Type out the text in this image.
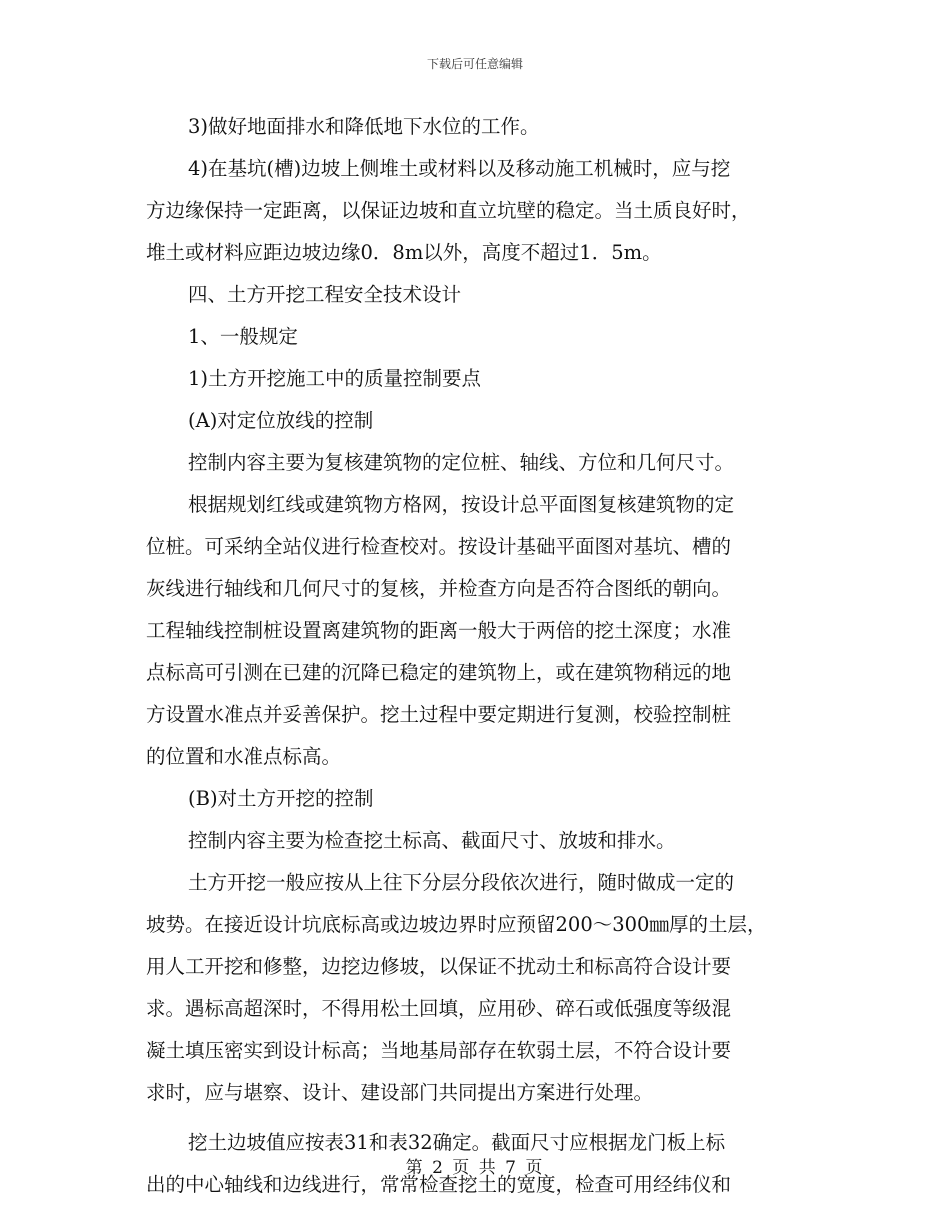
下载后可任意编辑
3)做好地面排水和降低地下水位的工作。
4)在基坑(槽)边坡上侧堆土或材料以及移动施工机械时，应与挖
方边缘保持一定距离，以保证边坡和直立坑壁的稳定。当土质良好时，
堆土或材料应距边坡边缘0．8m以外，高度不超过1．5m。
四、土方开挖工程安全技术设计
1、一般规定
1)土方开挖施工中的质量控制要点
(A)对定位放线的控制
控制内容主要为复核建筑物的定位桩、轴线、方位和几何尺寸。
根据规划红线或建筑物方格网，按设计总平面图复核建筑物的定
位桩。可采纳全站仪进行检查校对。按设计基础平面图对基坑、槽的
灰线进行轴线和几何尺寸的复核，并检查方向是否符合图纸的朝向。
工程轴线控制桩设置离建筑物的距离一般大于两倍的挖土深度；水准
点标高可引测在已建的沉降已稳定的建筑物上，或在建筑物稍远的地
方设置水准点并妥善保护。挖土过程中要定期进行复测，校验控制桩
的位置和水准点标高。
(B)对土方开挖的控制
控制内容主要为检查挖土标高、截面尺寸、放坡和排水。
土方开挖一般应按从上往下分层分段依次进行，随时做成一定的
坡势。在接近设计坑底标高或边坡边界时应预留200～300㎜厚的土层，
用人工开挖和修整，边挖边修坡，以保证不扰动土和标高符合设计要
求。遇标高超深时，不得用松土回填，应用砂、碎石或低强度等级混
凝土填压密实到设计标高；当地基局部存在软弱土层，不符合设计要
求时，应与堪察、设计、建设部门共同提出方案进行处理。
挖土边坡值应按表31和表32确定。截面尺寸应根据龙门板上标
出的中心轴线和边线进行，常常检查挖土的宽度，检查可用经纬仪和
第 2 页 共 7 页
